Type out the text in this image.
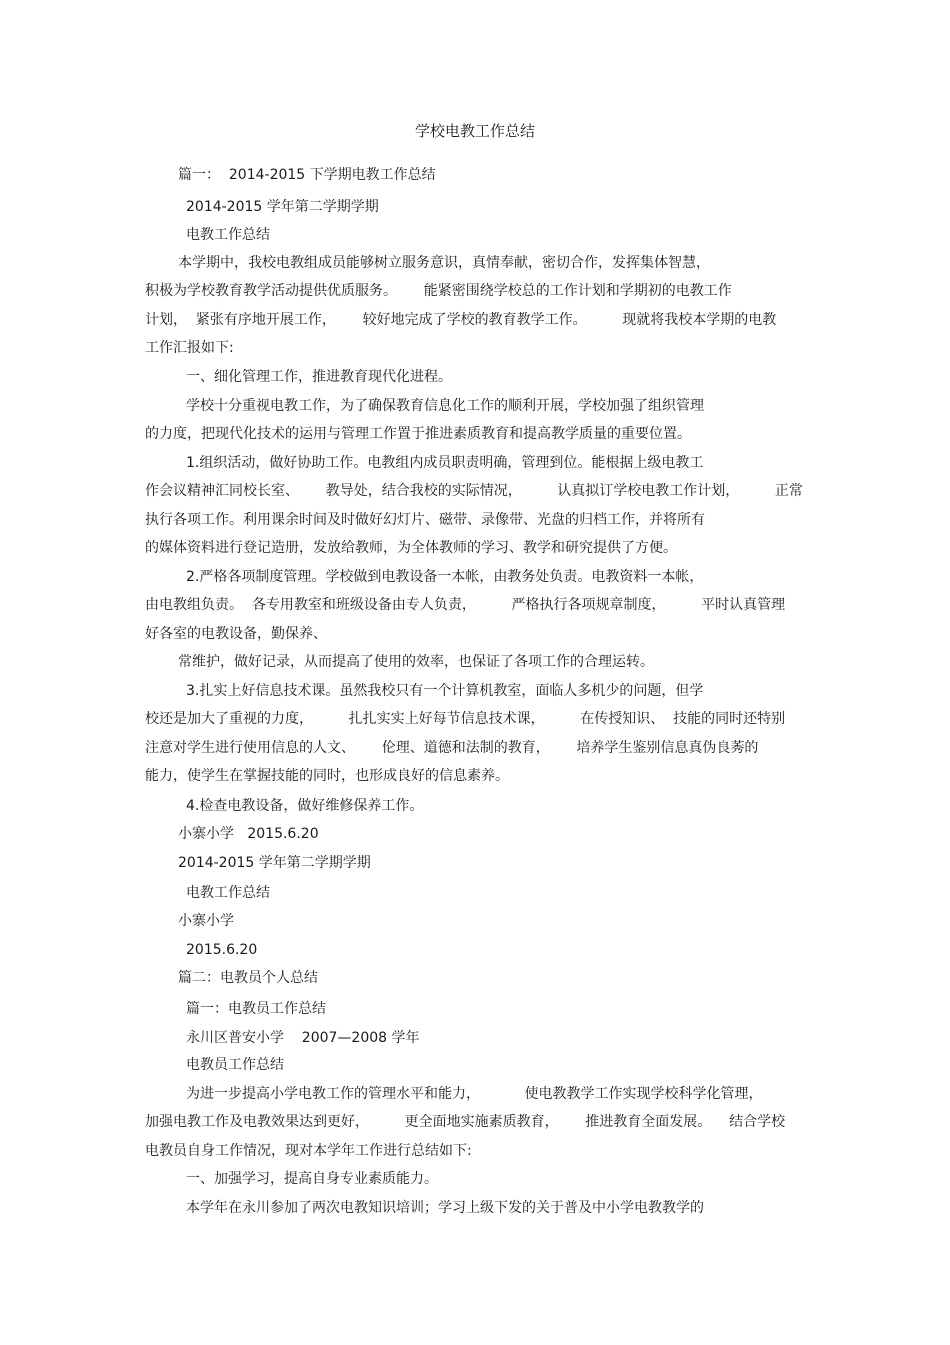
学校电教工作总结

篇一：  2014-2015 下学期电教工作总结

2014-2015 学年第二学期学期

电教工作总结

本学期中，我校电教组成员能够树立服务意识，真情奉献，密切合作，发挥集体智慧，

积极为学校教育教学活动提供优质服务。      能紧密围绕学校总的工作计划和学期初的电教工作

计划，  紧张有序地开展工作，      较好地完成了学校的教育教学工作。        现就将我校本学期的电教

工作汇报如下:

一、细化管理工作，推进教育现代化进程。

学校十分重视电教工作，为了确保教育信息化工作的顺利开展，学校加强了组织管理

的力度，把现代化技术的运用与管理工作置于推进素质教育和提高教学质量的重要位置。

1.组织活动，做好协助工作。电教组内成员职责明确，管理到位。能根据上级电教工

作会议精神汇同校长室、      教导处，结合我校的实际情况，        认真拟订学校电教工作计划，        正常

执行各项工作。利用课余时间及时做好幻灯片、磁带、录像带、光盘的归档工作，并将所有

的媒体资料进行登记造册，发放给教师，为全体教师的学习、教学和研究提供了方便。

2.严格各项制度管理。学校做到电教设备一本帐，由教务处负责。电教资料一本帐，

由电教组负责。  各专用教室和班级设备由专人负责，        严格执行各项规章制度，        平时认真管理

好各室的电教设备，勤保养、

常维护，做好记录，从而提高了使用的效率，也保证了各项工作的合理运转。

3.扎实上好信息技术课。虽然我校只有一个计算机教室，面临人多机少的问题，但学

校还是加大了重视的力度，        扎扎实实上好每节信息技术课，        在传授知识、  技能的同时还特别

注意对学生进行使用信息的人文、      伦理、道德和法制的教育，      培养学生鉴别信息真伪良莠的

能力，使学生在掌握技能的同时，也形成良好的信息素养。

4.检查电教设备，做好维修保养工作。

小寨小学   2015.6.20

2014-2015 学年第二学期学期

电教工作总结

小寨小学

2015.6.20

篇二：电教员个人总结

篇一：电教员工作总结

永川区普安小学    2007—2008 学年

电教员工作总结

为进一步提高小学电教工作的管理水平和能力，          使电教教学工作实现学校科学化管理，

加强电教工作及电教效果达到更好，        更全面地实施素质教育，      推进教育全面发展。    结合学校

电教员自身工作情况，现对本学年工作进行总结如下:

一、加强学习，提高自身专业素质能力。

本学年在永川参加了两次电教知识培训；学习上级下发的关于普及中小学电教教学的
